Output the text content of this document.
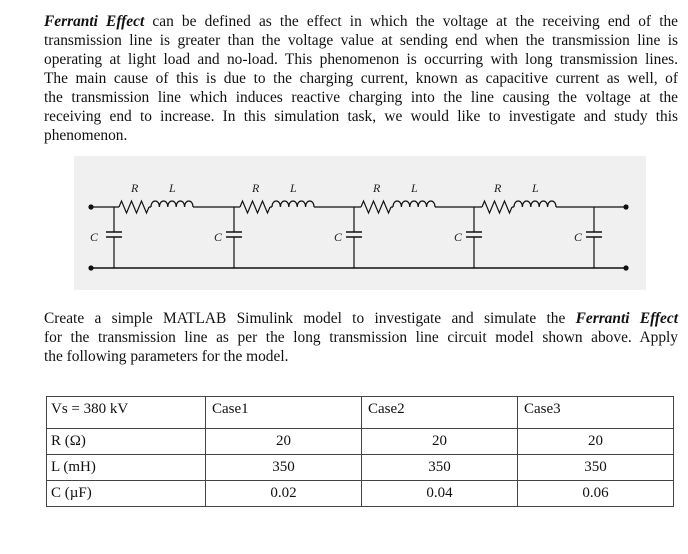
Ferranti Effect can be defined as the effect in which the voltage at the receiving end of the
transmission line is greater than the voltage value at sending end when the transmission line is
operating at light load and no-load. This phenomenon is occurring with long transmission lines.
The main cause of this is due to the charging current, known as capacitive current as well, of
the transmission line which induces reactive charging into the line causing the voltage at the
receiving end to increase. In this simulation task, we would like to investigate and study this
phenomenon.
R	L	R	L	R	L	R	L
C	C	C	C	C
Create a simple MATLAB Simulink model to investigate and simulate the Ferranti Effect
for the transmission line as per the long transmission line circuit model shown above. Apply
the following parameters for the model.
Vs = 380 kV	Case1	Case2	Case3
R (Ω)	20	20	20
L (mH)	350	350	350
C (µF)	0.02	0.04	0.06
